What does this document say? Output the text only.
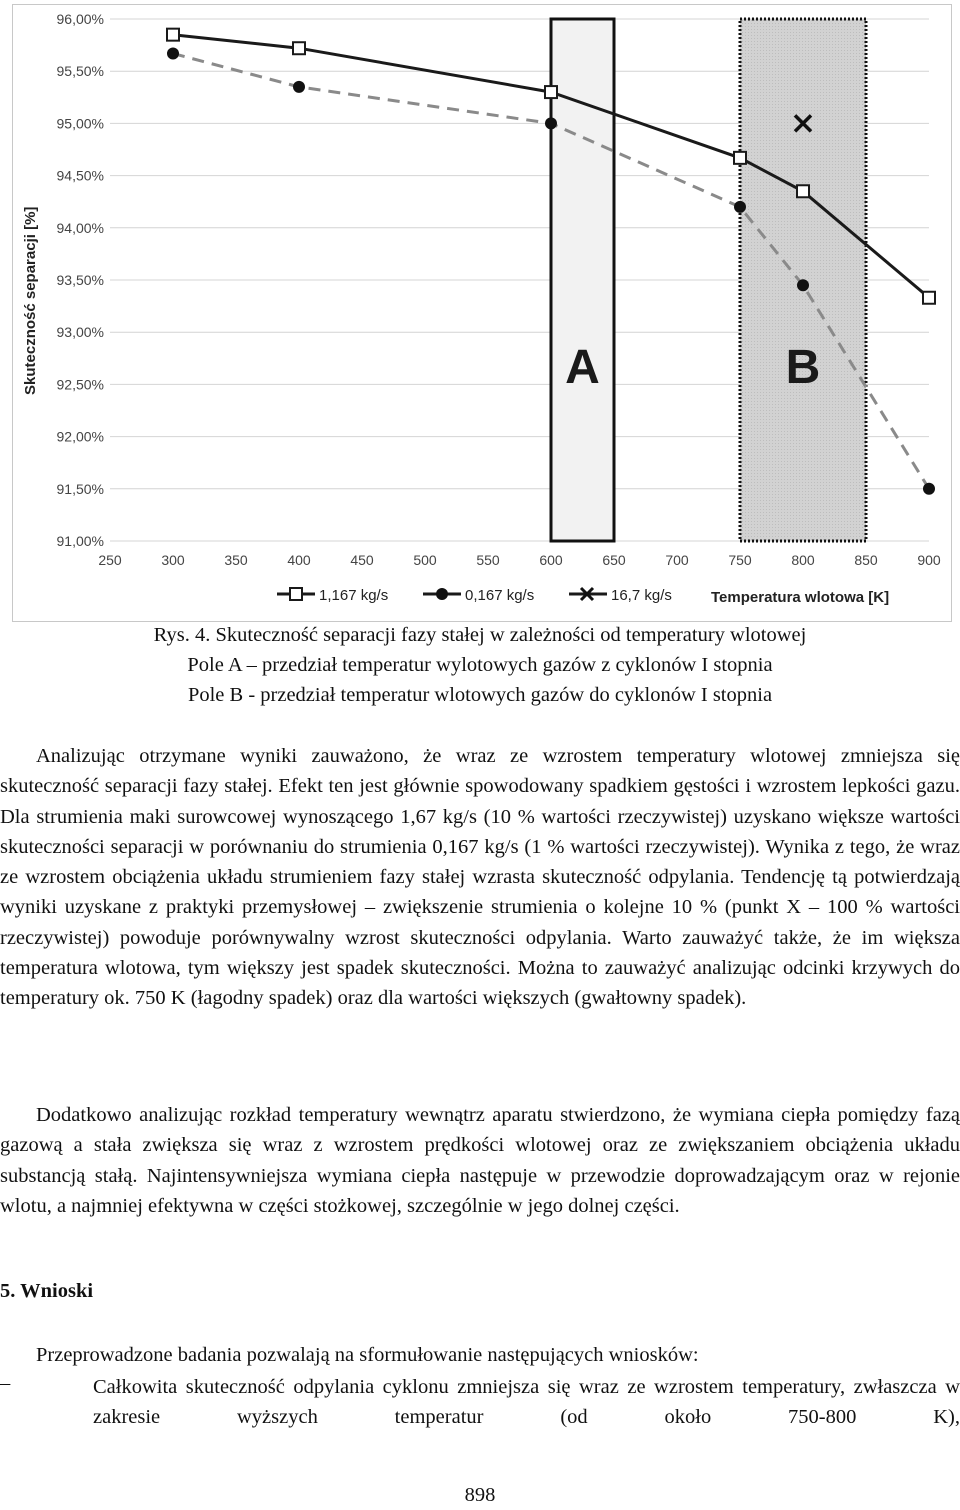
A	B
91,00%
91,50%
92,00%
92,50%
93,00%
93,50%
94,00%
94,50%
95,00%
95,50%
96,00%
250	300	350	400	450	500	550	600	650	700	750	800	850	900
Skuteczność separacji [%]
1,167 kg/s	0,167 kg/s	16,7 kg/s	Temperatura wlotowa [K]
Rys. 4. Skuteczność separacji fazy stałej w zależności od temperatury wlotowej
Pole A – przedział temperatur wylotowych gazów z cyklonów I stopnia
Pole B - przedział temperatur wlotowych gazów do cyklonów I stopnia

Analizując otrzymane wyniki zauważono, że wraz ze wzrostem temperatury wlotowej zmniejsza się skuteczność separacji fazy stałej. Efekt ten jest głównie spowodowany spadkiem gęstości i wzrostem lepkości gazu. Dla strumienia maki surowcowej wynoszącego 1,67 kg/s (10 % wartości rzeczywistej) uzyskano większe wartości skuteczności separacji w porównaniu do strumienia 0,167 kg/s (1 % wartości rzeczywistej). Wynika z tego, że wraz ze wzrostem obciążenia układu strumieniem fazy stałej wzrasta skuteczność odpylania. Tendencję tą potwierdzają wyniki uzyskane z praktyki przemysłowej – zwiększenie strumienia o kolejne 10 % (punkt X – 100 % wartości rzeczywistej) powoduje porównywalny wzrost skuteczności odpylania. Warto zauważyć także, że im większa temperatura wlotowa, tym większy jest spadek skuteczności. Można to zauważyć analizując odcinki krzywych do temperatury ok. 750 K (łagodny spadek) oraz dla wartości większych (gwałtowny spadek).

Dodatkowo analizując rozkład temperatury wewnątrz aparatu stwierdzono, że wymiana ciepła pomiędzy fazą gazową a stała zwiększa się wraz z wzrostem prędkości wlotowej oraz ze zwiększaniem obciążenia układu substancją stałą. Najintensywniejsza wymiana ciepła następuje w przewodzie doprowadzającym oraz w rejonie wlotu, a najmniej efektywna w części stożkowej, szczególnie w jego dolnej części.

5. Wnioski
Przeprowadzone badania pozwalają na sformułowanie następujących wniosków:
–	Całkowita skuteczność odpylania cyklonu zmniejsza się wraz ze wzrostem temperatury, zwłaszcza w zakresie wyższych temperatur (od około 750-800 K),

898
